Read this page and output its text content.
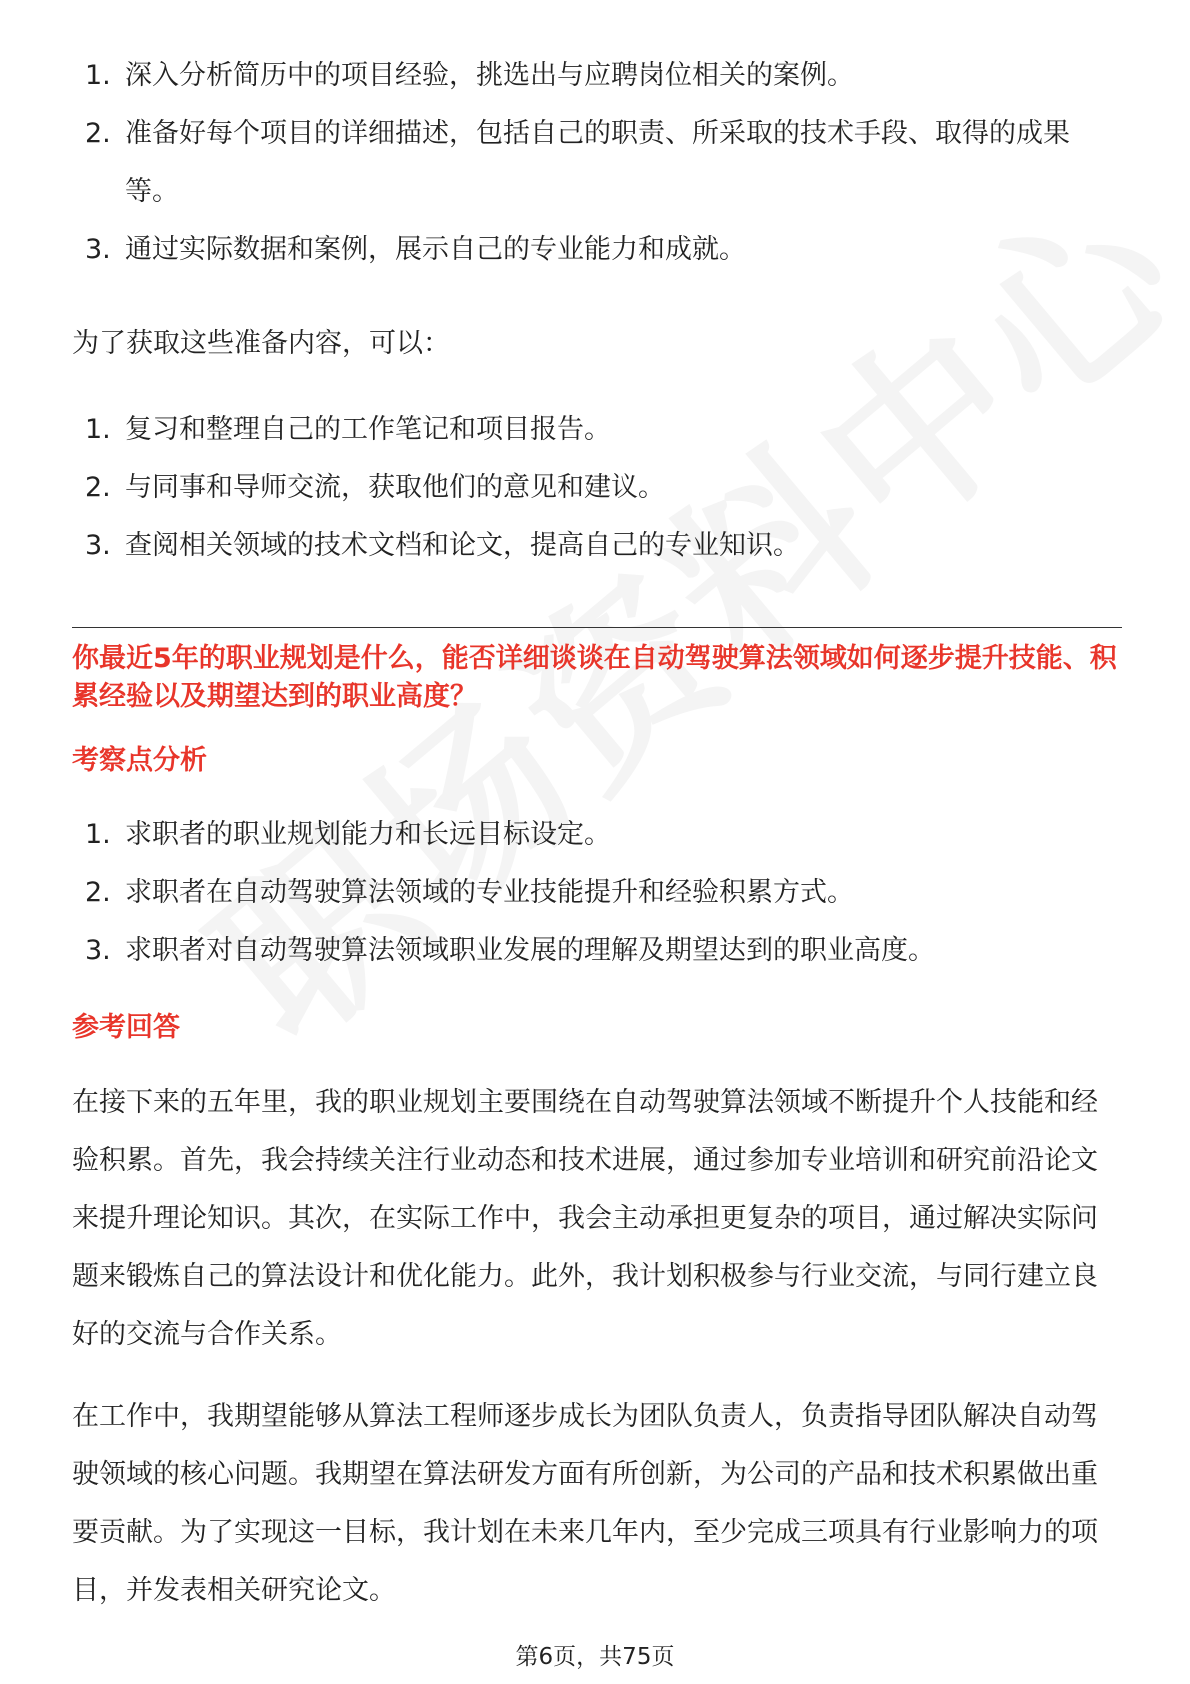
1. 深入分析简历中的项目经验，挑选出与应聘岗位相关的案例。
2. 准备好每个项目的详细描述，包括自己的职责、所采取的技术手段、取得的成果等。
3. 通过实际数据和案例，展示自己的专业能力和成就。

为了获取这些准备内容，可以：

1. 复习和整理自己的工作笔记和项目报告。
2. 与同事和导师交流，获取他们的意见和建议。
3. 查阅相关领域的技术文档和论文，提高自己的专业知识。

你最近5年的职业规划是什么，能否详细谈谈在自动驾驶算法领域如何逐步提升技能、积累经验以及期望达到的职业高度？

考察点分析
1. 求职者的职业规划能力和长远目标设定。
2. 求职者在自动驾驶算法领域的专业技能提升和经验积累方式。
3. 求职者对自动驾驶算法领域职业发展的理解及期望达到的职业高度。
参考回答

在接下来的五年里，我的职业规划主要围绕在自动驾驶算法领域不断提升个人技能和经验积累。首先，我会持续关注行业动态和技术进展，通过参加专业培训和研究前沿论文来提升理论知识。其次，在实际工作中，我会主动承担更复杂的项目，通过解决实际问题来锻炼自己的算法设计和优化能力。此外，我计划积极参与行业交流，与同行建立良好的交流与合作关系。

在工作中，我期望能够从算法工程师逐步成长为团队负责人，负责指导团队解决自动驾驶领域的核心问题。我期望在算法研发方面有所创新，为公司的产品和技术积累做出重要贡献。为了实现这一目标，我计划在未来几年内，至少完成三项具有行业影响力的项目，并发表相关研究论文。

第6页，共75页
